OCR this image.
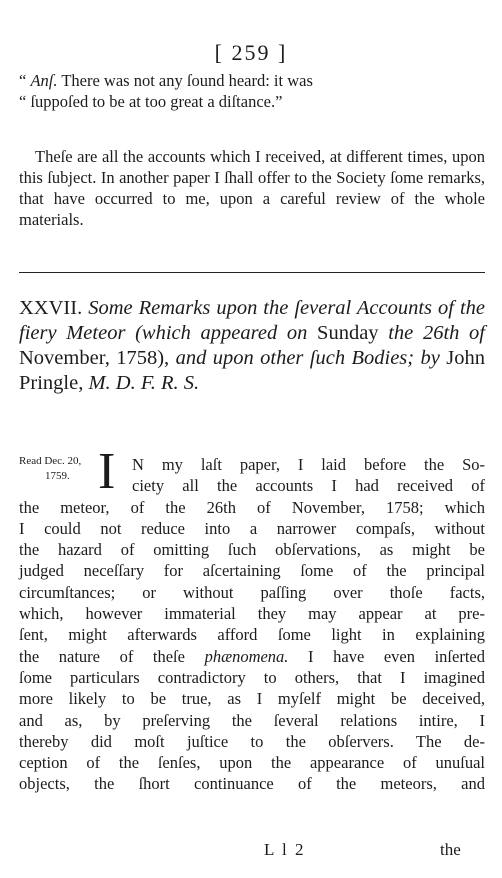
[ 259 ]

“ Anſ. There was not any ſound heard: it was
“ ſuppoſed to be at too great a diſtance.”

Theſe are all the accounts which I received, at different times, upon this ſubject. In another paper I ſhall offer to the Society ſome remarks, that have occurred to me, upon a careful review of the whole materials.

XXVII. Some Remarks upon the ſeveral Accounts of the fiery Meteor (which appeared on Sunday the 26th of November, 1758), and upon other ſuch Bodies; by John Pringle, M. D. F. R. S.

Read Dec. 20,
1759. I	N my laſt paper, I laid before the So-
ciety all the accounts I had received of
the meteor, of the 26th of November, 1758; which
I could not reduce into a narrower compaſs, without
the hazard of omitting ſuch obſervations, as might be
judged neceſſary for aſcertaining ſome of the principal
circumſtances; or without paſſing over thoſe facts,
which, however immaterial they may appear at pre-
ſent, might afterwards afford ſome light in explaining
the nature of theſe phænomena. I have even inſerted
ſome particulars contradictory to others, that I imagined
more likely to be true, as I myſelf might be deceived,
and as, by preſerving the ſeveral relations intire, I
thereby did moſt juſtice to the obſervers. The de-
ception of the ſenſes, upon the appearance of unuſual
objects, the ſhort continuance of the meteors, and
L l 2	the
